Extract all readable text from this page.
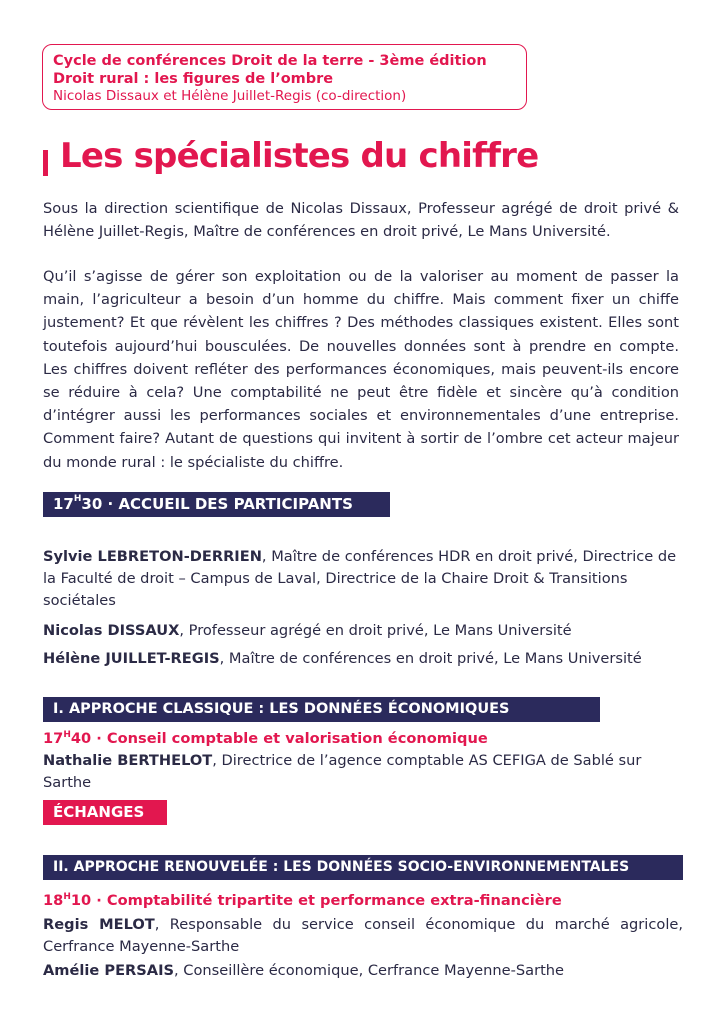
Cycle de conférences Droit de la terre - 3ème édition
Droit rural : les figures de l’ombre
Nicolas Dissaux et Hélène Juillet-Regis (co-direction)
Les spécialistes du chiffre
Sous la direction scientifique de Nicolas Dissaux, Professeur agrégé de droit privé & Hélène Juillet-Regis, Maître de conférences en droit privé, Le Mans Université.
Qu’il s’agisse de gérer son exploitation ou de la valoriser au moment de passer la main, l’agriculteur a besoin d’un homme du chiffre. Mais comment fixer un chiffe justement? Et que révèlent les chiffres ? Des méthodes classiques existent. Elles sont toutefois aujourd’hui bousculées. De nouvelles données sont à prendre en compte. Les chiffres doivent refléter des performances économiques, mais peuvent-ils encore se réduire à cela? Une comptabilité ne peut être fidèle et sincère qu’à condition d’intégrer aussi les performances sociales et environnementales d’une entreprise. Comment faire? Autant de questions qui invitent à sortir de l’ombre cet acteur majeur du monde rural : le spécialiste du chiffre.
$17^H30$ · ACCUEIL DES PARTICIPANTS
Sylvie LEBRETON-DERRIEN, Maître de conférences HDR en droit privé, Directrice de la Faculté de droit – Campus de Laval, Directrice de la Chaire Droit & Transitions sociétales
Nicolas DISSAUX, Professeur agrégé en droit privé, Le Mans Université
Hélène JUILLET-REGIS, Maître de conférences en droit privé, Le Mans Université
I. APPROCHE CLASSIQUE : LES DONNÉES ÉCONOMIQUES
$17^H40$ · Conseil comptable et valorisation économique
Nathalie BERTHELOT, Directrice de l’agence comptable AS CEFIGA de Sablé sur Sarthe
ÉCHANGES
II. APPROCHE RENOUVELÉE : LES DONNÉES SOCIO-ENVIRONNEMENTALES
$18^H10$ · Comptabilité tripartite et performance extra-financière
Regis MELOT, Responsable du service conseil économique du marché agricole, Cerfrance Mayenne-Sarthe
Amélie PERSAIS, Conseillère économique, Cerfrance Mayenne-Sarthe
